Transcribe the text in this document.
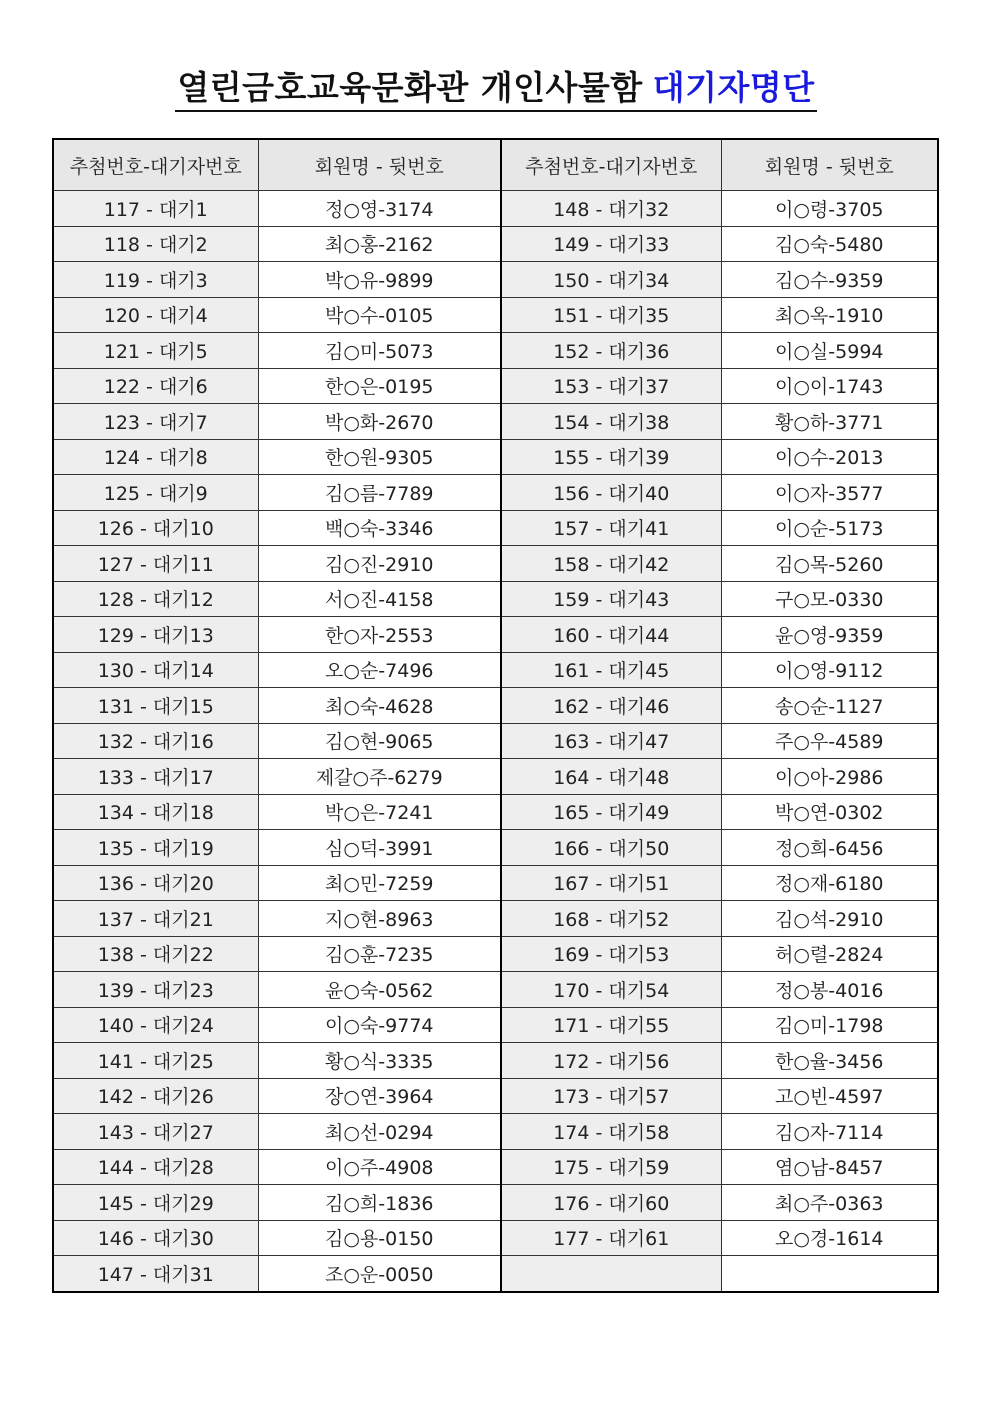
열린금호교육문화관 개인사물함 대기자명단
추첨번호-대기자번호	회원명 - 뒷번호	추첨번호-대기자번호	회원명 - 뒷번호
117 - 대기1	정○영-3174	148 - 대기32	이○령-3705
118 - 대기2	최○홍-2162	149 - 대기33	김○숙-5480
119 - 대기3	박○유-9899	150 - 대기34	김○수-9359
120 - 대기4	박○수-0105	151 - 대기35	최○옥-1910
121 - 대기5	김○미-5073	152 - 대기36	이○실-5994
122 - 대기6	한○은-0195	153 - 대기37	이○이-1743
123 - 대기7	박○화-2670	154 - 대기38	황○하-3771
124 - 대기8	한○원-9305	155 - 대기39	이○수-2013
125 - 대기9	김○름-7789	156 - 대기40	이○자-3577
126 - 대기10	백○숙-3346	157 - 대기41	이○순-5173
127 - 대기11	김○진-2910	158 - 대기42	김○목-5260
128 - 대기12	서○진-4158	159 - 대기43	구○모-0330
129 - 대기13	한○자-2553	160 - 대기44	윤○영-9359
130 - 대기14	오○순-7496	161 - 대기45	이○영-9112
131 - 대기15	최○숙-4628	162 - 대기46	송○순-1127
132 - 대기16	김○현-9065	163 - 대기47	주○우-4589
133 - 대기17	제갈○주-6279	164 - 대기48	이○아-2986
134 - 대기18	박○은-7241	165 - 대기49	박○연-0302
135 - 대기19	심○덕-3991	166 - 대기50	정○희-6456
136 - 대기20	최○민-7259	167 - 대기51	정○재-6180
137 - 대기21	지○현-8963	168 - 대기52	김○석-2910
138 - 대기22	김○훈-7235	169 - 대기53	허○렬-2824
139 - 대기23	윤○숙-0562	170 - 대기54	정○봉-4016
140 - 대기24	이○숙-9774	171 - 대기55	김○미-1798
141 - 대기25	황○식-3335	172 - 대기56	한○율-3456
142 - 대기26	장○연-3964	173 - 대기57	고○빈-4597
143 - 대기27	최○선-0294	174 - 대기58	김○자-7114
144 - 대기28	이○주-4908	175 - 대기59	염○남-8457
145 - 대기29	김○희-1836	176 - 대기60	최○주-0363
146 - 대기30	김○용-0150	177 - 대기61	오○경-1614
147 - 대기31	조○운-0050		
